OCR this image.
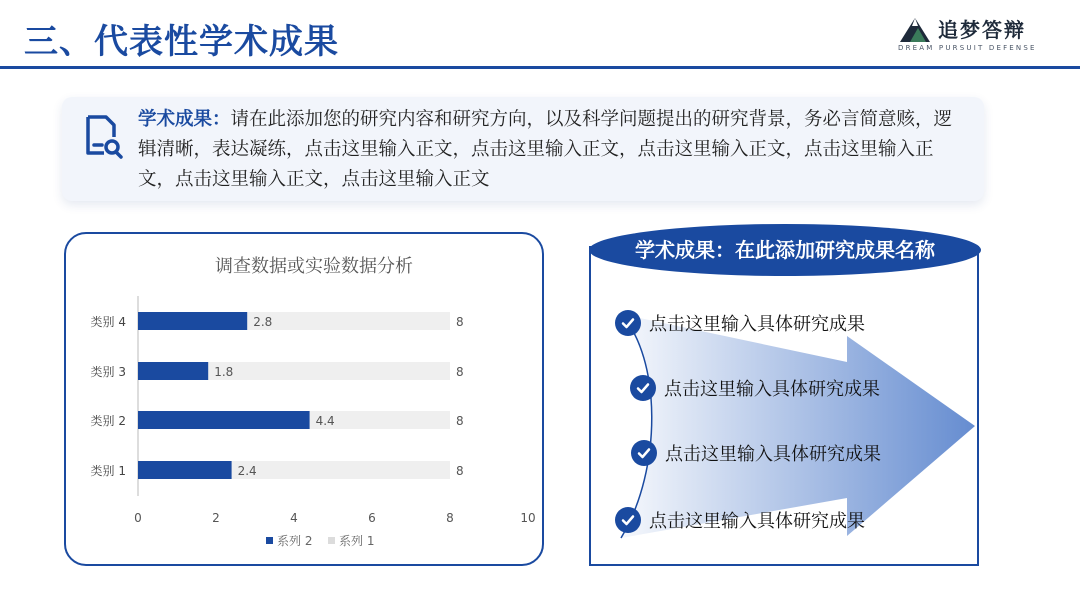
三、代表性学术成果	追梦答辩
DREAM PURSUIT DEFENSE
学术成果：请在此添加您的研究内容和研究方向，以及科学问题提出的研究背景，务必言简意赅，逻辑清晰，表达凝练，点击这里输入正文，点击这里输入正文，点击这里输入正文，点击这里输入正文，点击这里输入正文，点击这里输入正文
调查数据或实验数据分析
类别 1	2.4	8
类别 2	4.4	8
类别 3	1.8	8
类别 4	2.8	8
0	2	4	6	8	10
系列 2 系列 1
学术成果：在此添加研究成果名称
点击这里输入具体研究成果
点击这里输入具体研究成果
点击这里输入具体研究成果
点击这里输入具体研究成果
